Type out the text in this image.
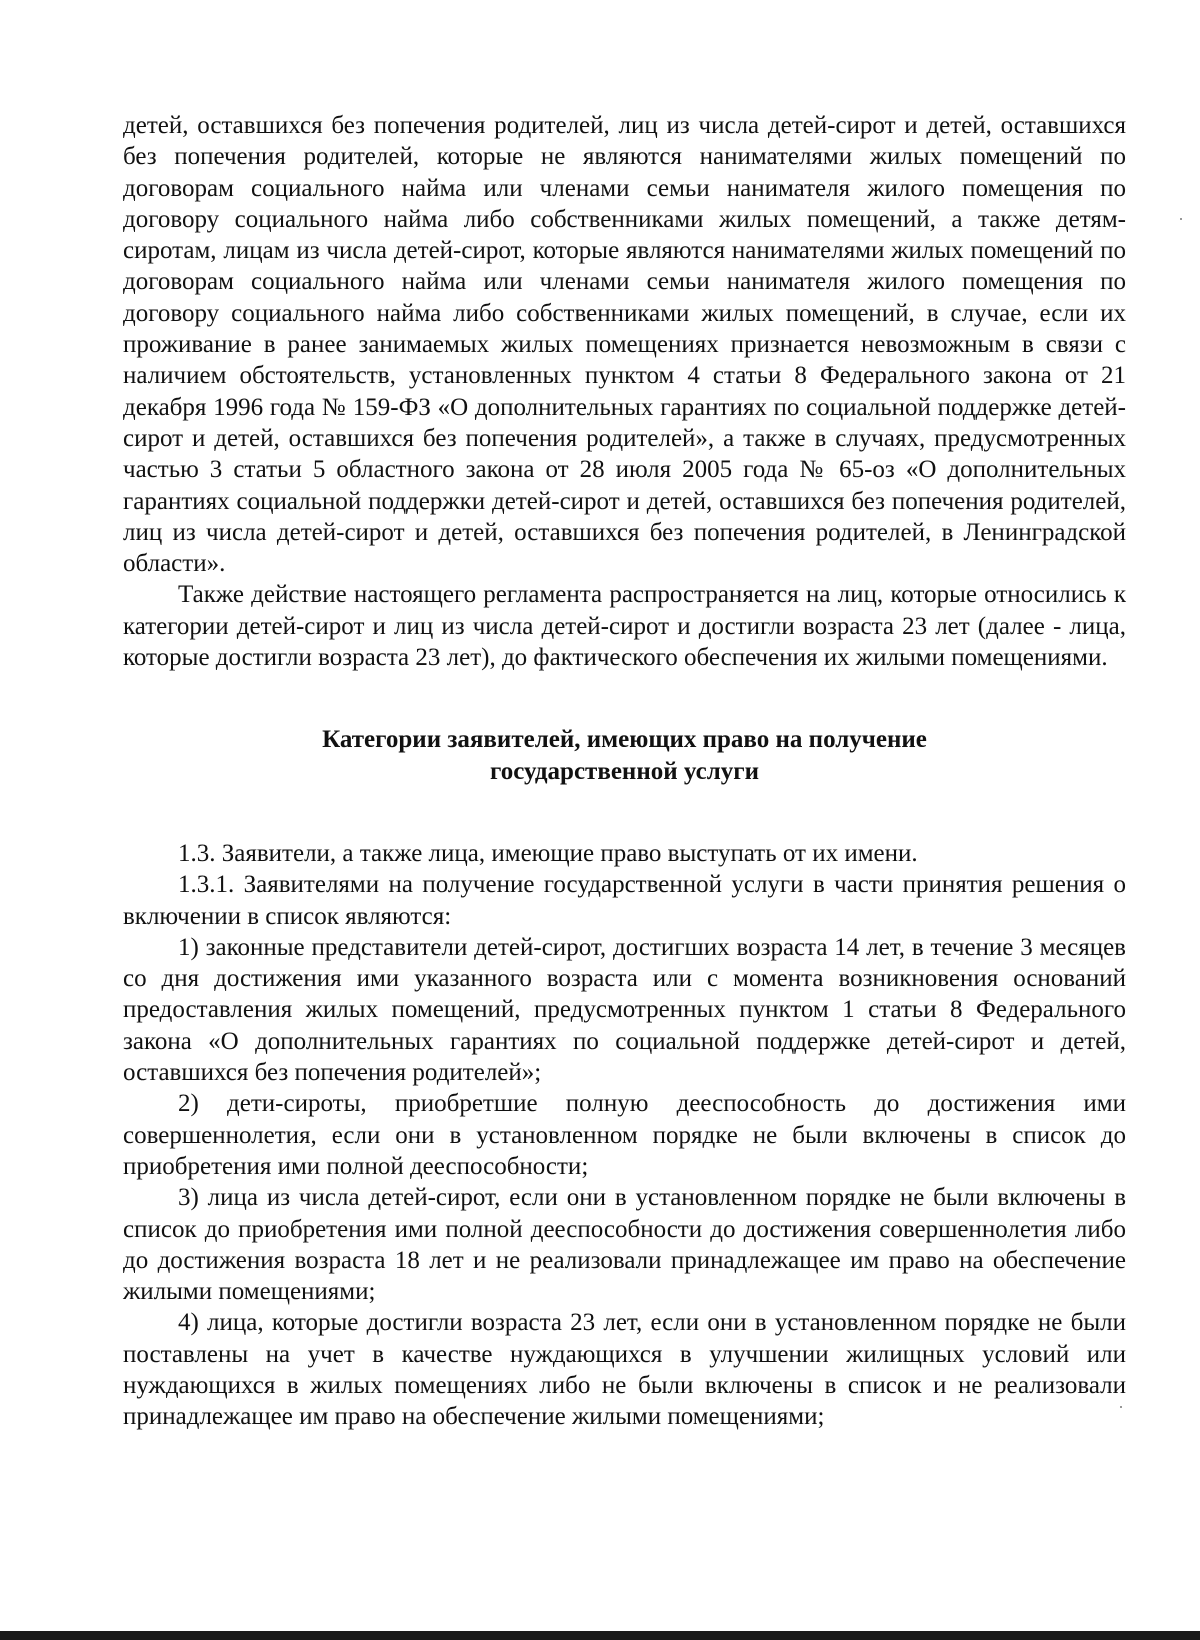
детей, оставшихся без попечения родителей, лиц из числа детей-сирот и детей, оставшихся без попечения родителей, которые не являются нанимателями жилых помещений по договорам социального найма или членами семьи нанимателя жилого помещения по договору социального найма либо собственниками жилых помещений, а также детям-сиротам, лицам из числа детей-сирот, которые являются нанимателями жилых помещений по договорам социального найма или членами семьи нанимателя жилого помещения по договору социального найма либо собственниками жилых помещений, в случае, если их проживание в ранее занимаемых жилых помещениях признается невозможным в связи с наличием обстоятельств, установленных пунктом 4 статьи 8 Федерального закона от 21 декабря 1996 года № 159-ФЗ «О дополнительных гарантиях по социальной поддержке детей-сирот и детей, оставшихся без попечения родителей», а также в случаях, предусмотренных частью 3 статьи 5 областного закона от 28 июля 2005 года № 65-оз «О дополнительных гарантиях социальной поддержки детей-сирот и детей, оставшихся без попечения родителей, лиц из числа детей-сирот и детей, оставшихся без попечения родителей, в Ленинградской области».

Также действие настоящего регламента распространяется на лиц, которые относились к категории детей-сирот и лиц из числа детей-сирот и достигли возраста 23 лет (далее - лица, которые достигли возраста 23 лет), до фактического обеспечения их жилыми помещениями.

Категории заявителей, имеющих право на получение
государственной услуги

1.3. Заявители, а также лица, имеющие право выступать от их имени.

1.3.1. Заявителями на получение государственной услуги в части принятия решения о включении в список являются:

1) законные представители детей-сирот, достигших возраста 14 лет, в течение 3 месяцев со дня достижения ими указанного возраста или с момента возникновения оснований предоставления жилых помещений, предусмотренных пунктом 1 статьи 8 Федерального закона «О дополнительных гарантиях по социальной поддержке детей-сирот и детей, оставшихся без попечения родителей»;

2) дети-сироты, приобретшие полную дееспособность до достижения ими совершеннолетия, если они в установленном порядке не были включены в список до приобретения ими полной дееспособности;

3) лица из числа детей-сирот, если они в установленном порядке не были включены в список до приобретения ими полной дееспособности до достижения совершеннолетия либо до достижения возраста 18 лет и не реализовали принадлежащее им право на обеспечение жилыми помещениями;

4) лица, которые достигли возраста 23 лет, если они в установленном порядке не были поставлены на учет в качестве нуждающихся в улучшении жилищных условий или нуждающихся в жилых помещениях либо не были включены в список и не реализовали принадлежащее им право на обеспечение жилыми помещениями;
